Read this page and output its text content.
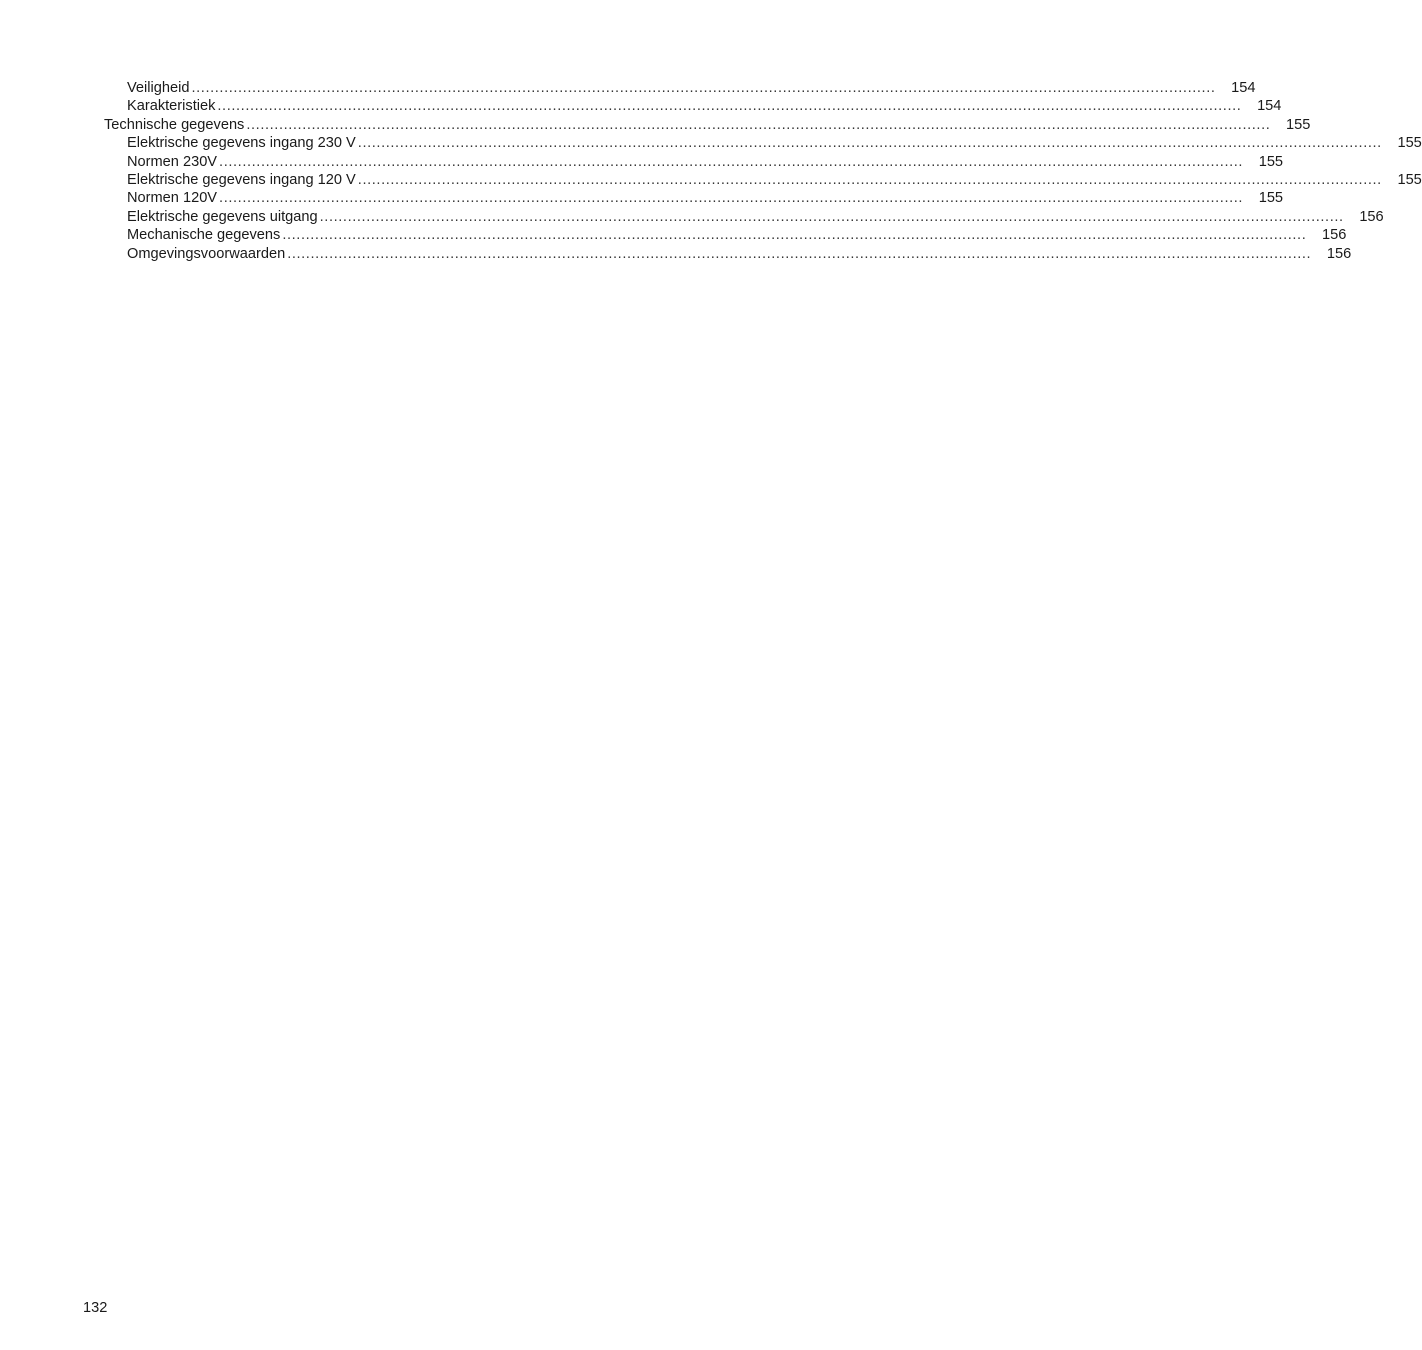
Veiligheid ............................................................................................................................................................................................................................ 154
Karakteristiek ............................................................................................................................................................................................................................ 154
Technische gegevens ............................................................................................................................................................................................................................ 155
Elektrische gegevens ingang 230 V ............................................................................................................................................................................................................................ 155
Normen 230V ............................................................................................................................................................................................................................ 155
Elektrische gegevens ingang 120 V ............................................................................................................................................................................................................................ 155
Normen 120V ............................................................................................................................................................................................................................ 155
Elektrische gegevens uitgang ............................................................................................................................................................................................................................ 156
Mechanische gegevens ............................................................................................................................................................................................................................ 156
Omgevingsvoorwaarden ............................................................................................................................................................................................................................ 156
132
